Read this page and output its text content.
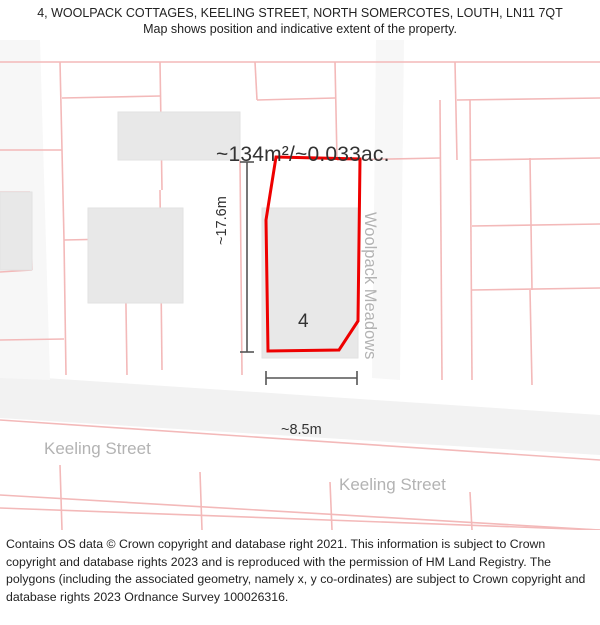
4, WOOLPACK COTTAGES, KEELING STREET, NORTH SOMERCOTES, LOUTH, LN11 7QT
Map shows position and indicative extent of the property.
~134m²/~0.033ac.
4
~17.6m
~8.5m
Keeling Street
Keeling Street
Woolpack Meadows
Contains OS data © Crown copyright and database right 2021. This information is subject to Crown copyright and database rights 2023 and is reproduced with the permission of HM Land Registry. The polygons (including the associated geometry, namely x, y co-ordinates) are subject to Crown copyright and database rights 2023 Ordnance Survey 100026316.
